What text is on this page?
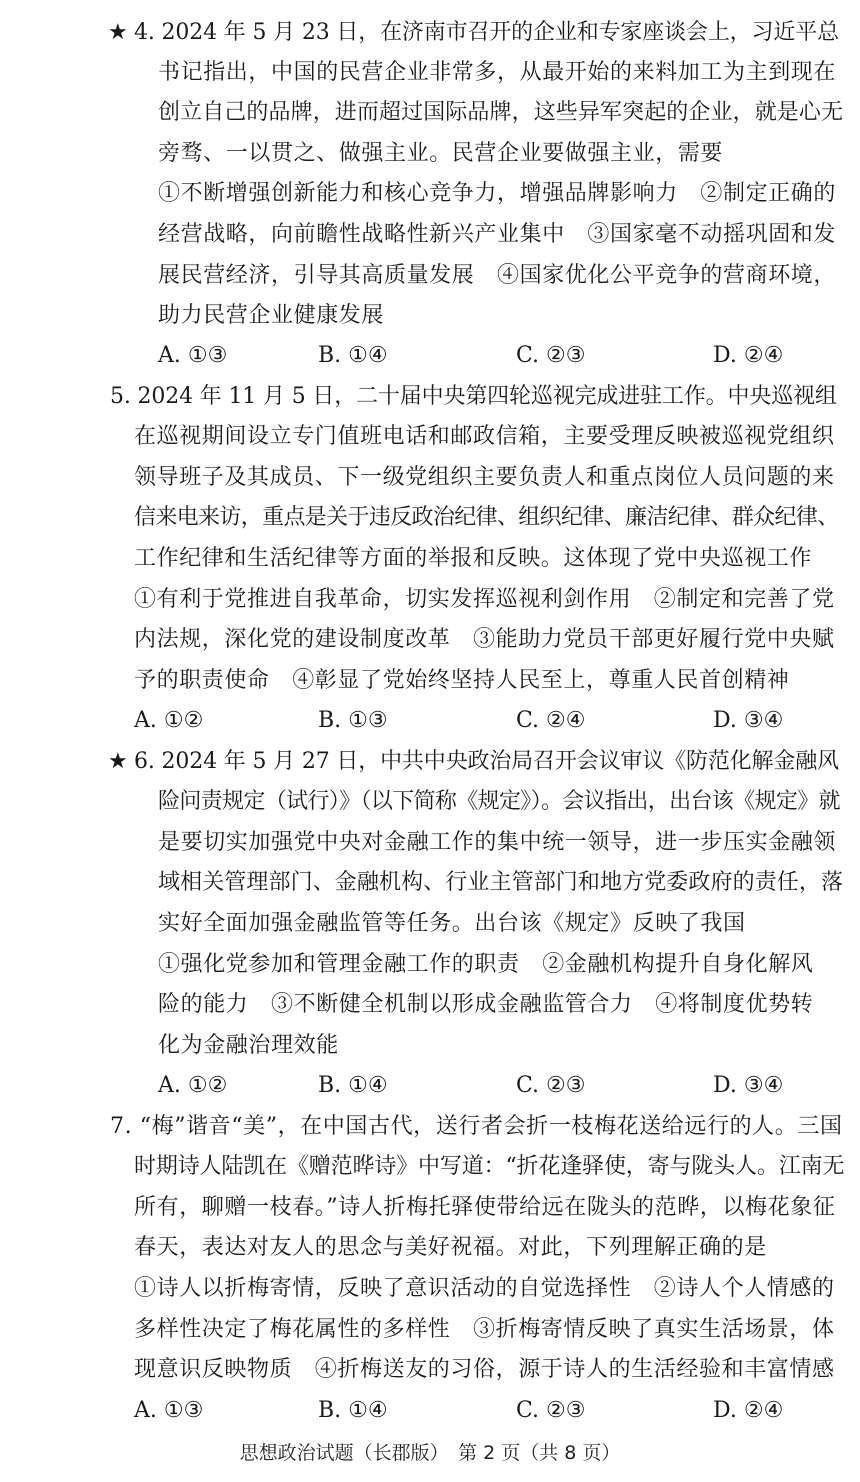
★ 4. 2024 年 5 月 23 日，在济南市召开的企业和专家座谈会上，习近平总
书记指出，中国的民营企业非常多，从最开始的来料加工为主到现在
创立自己的品牌，进而超过国际品牌，这些异军突起的企业，就是心无
旁骛、一以贯之、做强主业。民营企业要做强主业，需要
①不断增强创新能力和核心竞争力，增强品牌影响力　②制定正确的
经营战略，向前瞻性战略性新兴产业集中　③国家毫不动摇巩固和发
展民营经济，引导其高质量发展　④国家优化公平竞争的营商环境，
助力民营企业健康发展
A. ①③	B. ①④	C. ②③	D. ②④
5. 2024 年 11 月 5 日，二十届中央第四轮巡视完成进驻工作。中央巡视组
在巡视期间设立专门值班电话和邮政信箱，主要受理反映被巡视党组织
领导班子及其成员、下一级党组织主要负责人和重点岗位人员问题的来
信来电来访，重点是关于违反政治纪律、组织纪律、廉洁纪律、群众纪律、
工作纪律和生活纪律等方面的举报和反映。这体现了党中央巡视工作
①有利于党推进自我革命，切实发挥巡视利剑作用　②制定和完善了党
内法规，深化党的建设制度改革　③能助力党员干部更好履行党中央赋
予的职责使命　④彰显了党始终坚持人民至上，尊重人民首创精神
A. ①②	B. ①③	C. ②④	D. ③④
★ 6. 2024 年 5 月 27 日，中共中央政治局召开会议审议《防范化解金融风
险问责规定（试行）》（以下简称《规定》）。会议指出，出台该《规定》就
是要切实加强党中央对金融工作的集中统一领导，进一步压实金融领
域相关管理部门、金融机构、行业主管部门和地方党委政府的责任，落
实好全面加强金融监管等任务。出台该《规定》反映了我国
①强化党参加和管理金融工作的职责　②金融机构提升自身化解风
险的能力　③不断健全机制以形成金融监管合力　④将制度优势转
化为金融治理效能
A. ①②	B. ①④	C. ②③	D. ③④
7. “梅”谐音“美”，在中国古代，送行者会折一枝梅花送给远行的人。三国
时期诗人陆凯在《赠范晔诗》中写道：“折花逢驿使，寄与陇头人。江南无
所有，聊赠一枝春。”诗人折梅托驿使带给远在陇头的范晔，以梅花象征
春天，表达对友人的思念与美好祝福。对此，下列理解正确的是
①诗人以折梅寄情，反映了意识活动的自觉选择性　②诗人个人情感的
多样性决定了梅花属性的多样性　③折梅寄情反映了真实生活场景，体
现意识反映物质　④折梅送友的习俗，源于诗人的生活经验和丰富情感
A. ①③	B. ①④	C. ②③	D. ②④
思想政治试题（长郡版）　第 2 页（共 8 页）
